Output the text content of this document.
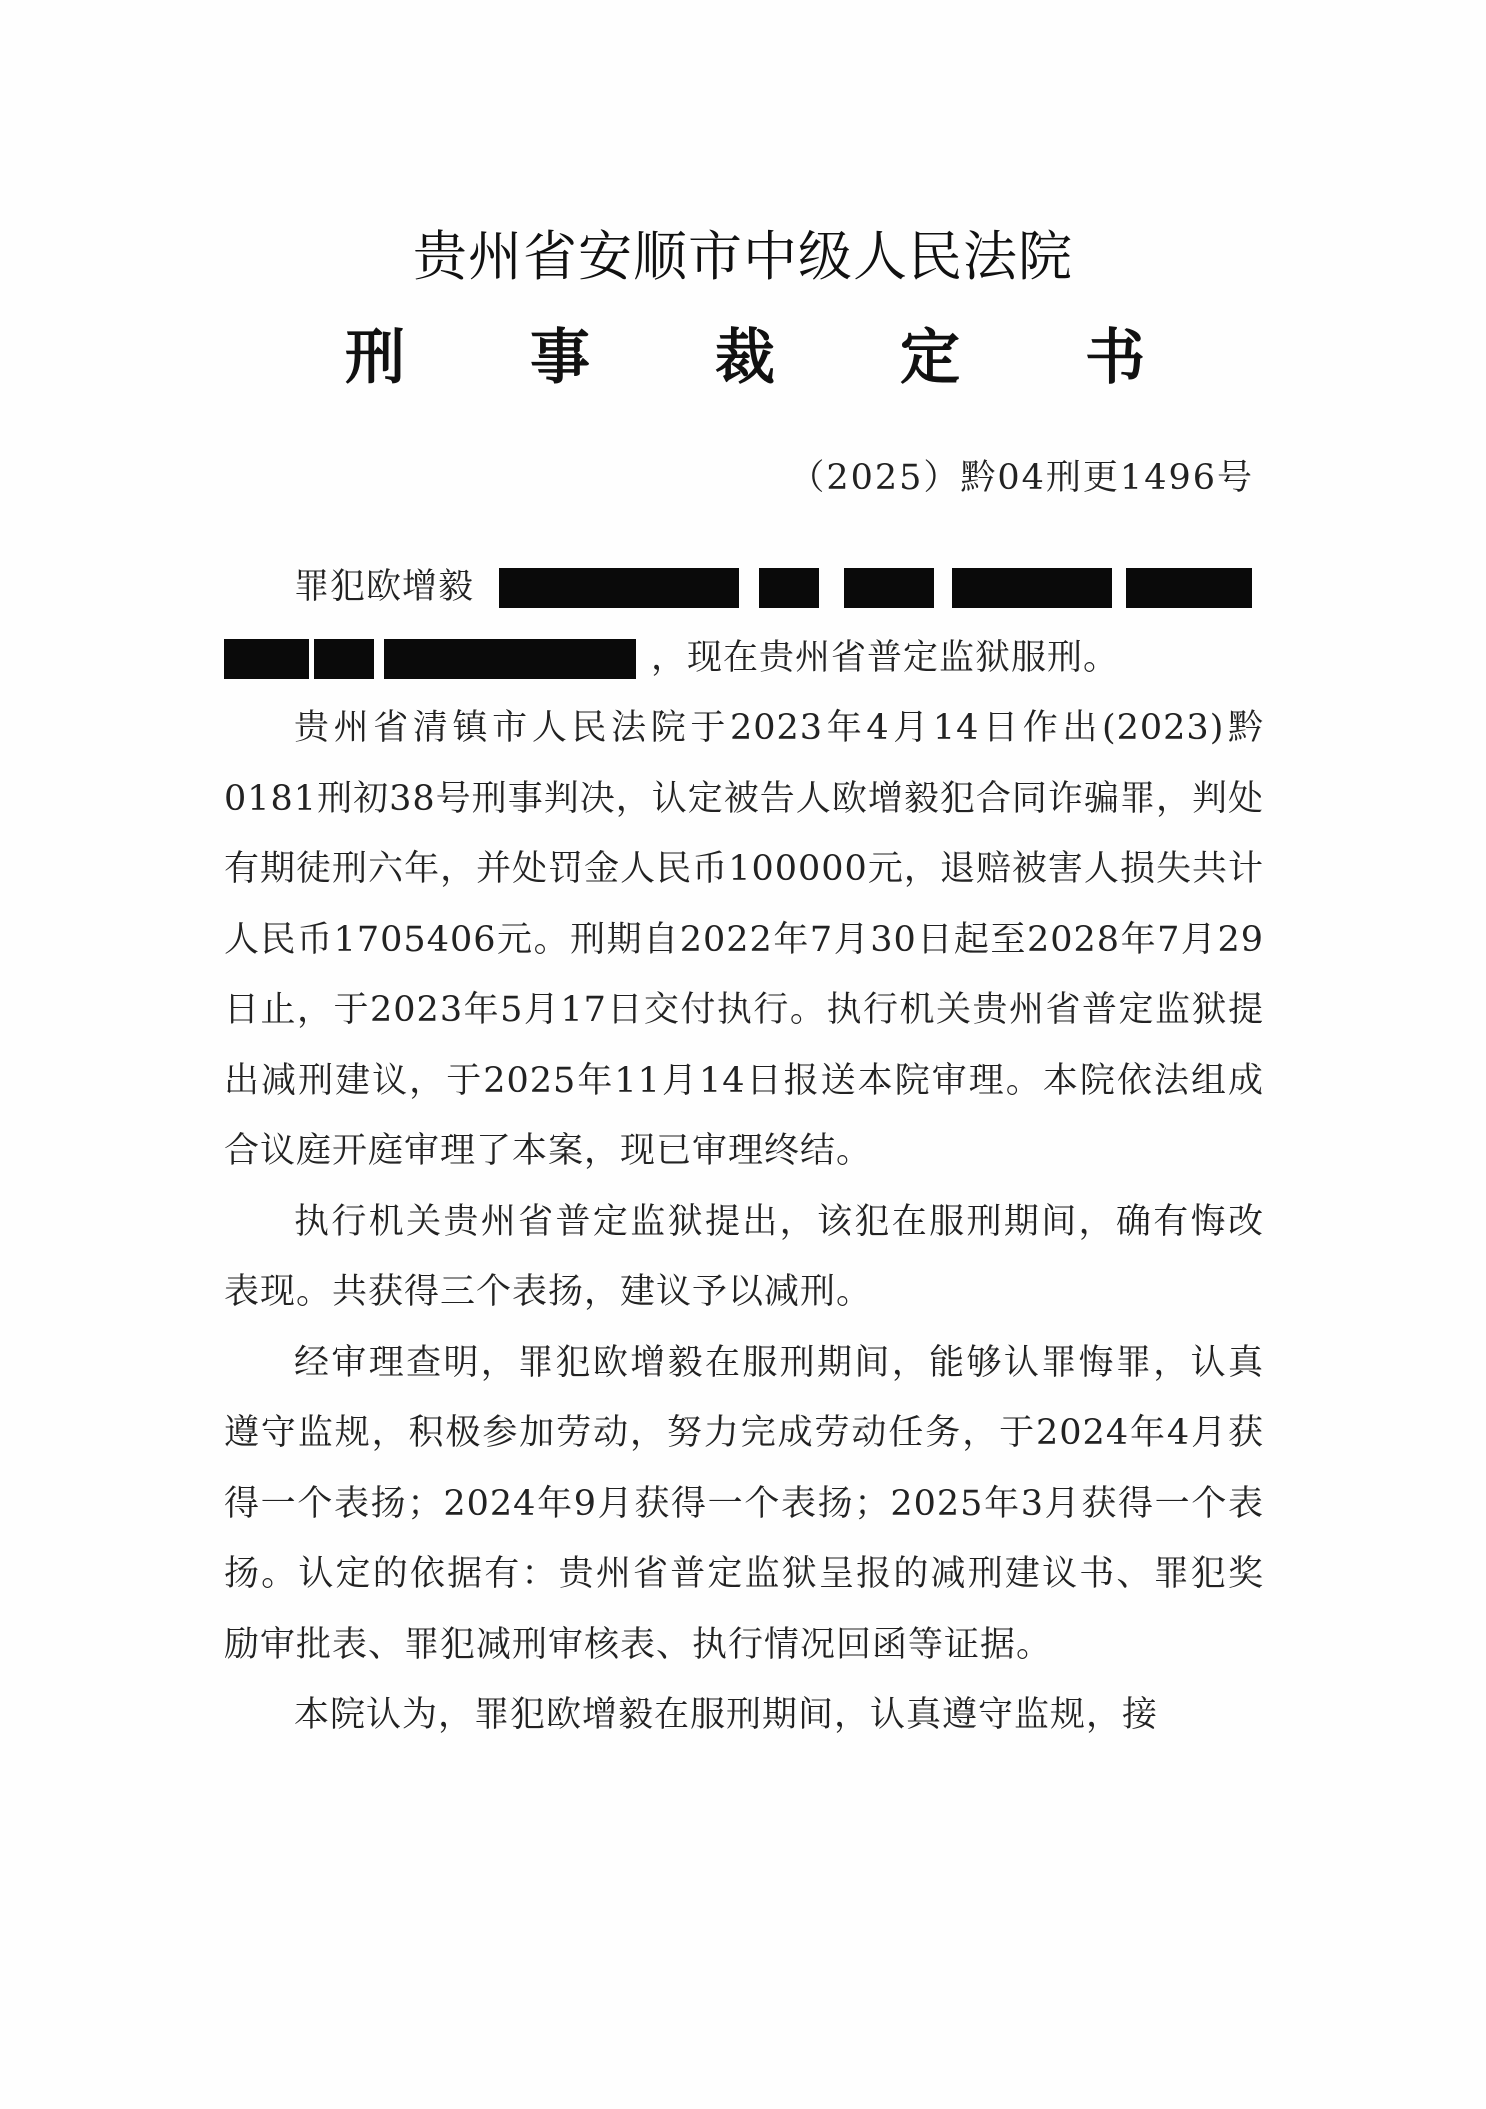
贵州省安顺市中级人民法院
刑 事 裁 定 书
（2025）黔04刑更1496号
罪犯欧增毅
，现在贵州省普定监狱服刑。

贵州省清镇市人民法院于2023年4月14日作出(2023)黔0181刑初38号刑事判决，认定被告人欧增毅犯合同诈骗罪，判处有期徒刑六年，并处罚金人民币100000元，退赔被害人损失共计人民币1705406元。刑期自2022年7月30日起至2028年7月29日止，于2023年5月17日交付执行。执行机关贵州省普定监狱提出减刑建议，于2025年11月14日报送本院审理。本院依法组成合议庭开庭审理了本案，现已审理终结。

执行机关贵州省普定监狱提出，该犯在服刑期间，确有悔改表现。共获得三个表扬，建议予以减刑。

经审理查明，罪犯欧增毅在服刑期间，能够认罪悔罪，认真遵守监规，积极参加劳动，努力完成劳动任务，于2024年4月获得一个表扬；2024年9月获得一个表扬；2025年3月获得一个表扬。认定的依据有：贵州省普定监狱呈报的减刑建议书、罪犯奖励审批表、罪犯减刑审核表、执行情况回函等证据。

本院认为，罪犯欧增毅在服刑期间，认真遵守监规，接
